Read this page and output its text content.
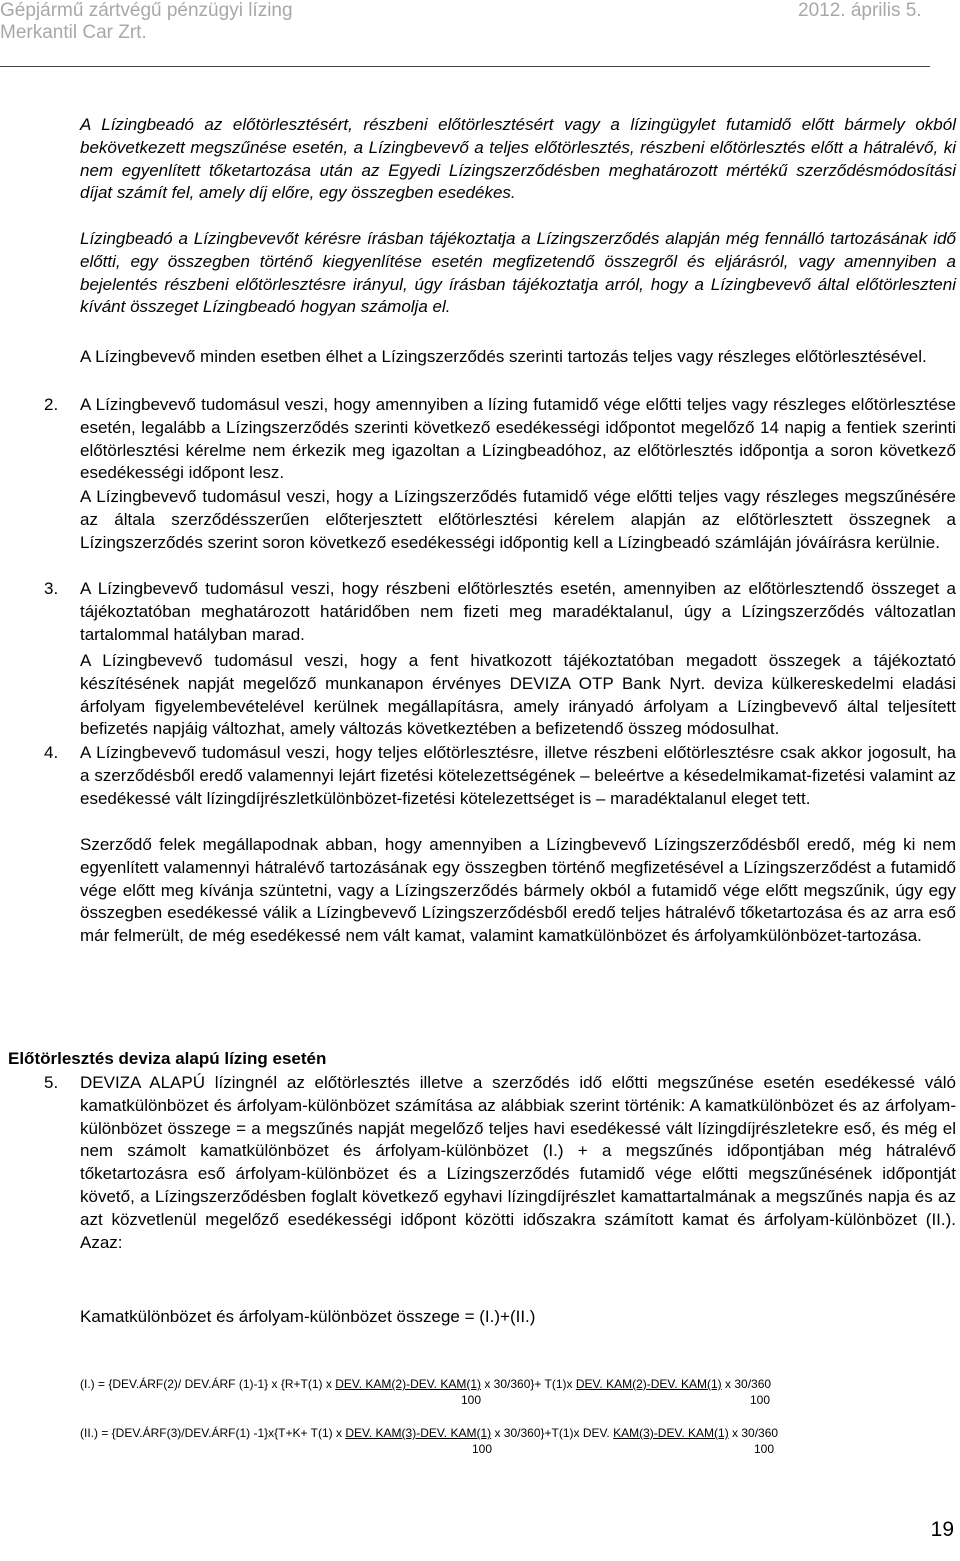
Gépjármű zártvégű pénzügyi lízing	2012. április 5.
Merkantil Car Zrt.
A Lízingbeadó az előtörlesztésért, részbeni előtörlesztésért vagy a lízingügylet futamidő előtt bármely okból bekövetkezett megszűnése esetén, a Lízingbevevő a teljes előtörlesztés, részbeni előtörlesztés előtt a hátralévő, ki nem egyenlített tőketartozása után az Egyedi Lízingszerződésben meghatározott mértékű szerződésmódosítási díjat számít fel, amely díj előre, egy összegben esedékes.
Lízingbeadó a Lízingbevevőt kérésre írásban tájékoztatja a Lízingszerződés alapján még fennálló tartozásának idő előtti, egy összegben történő kiegyenlítése esetén megfizetendő összegről és eljárásról, vagy amennyiben a bejelentés részbeni előtörlesztésre irányul, úgy írásban tájékoztatja arról, hogy a Lízingbevevő által előtörleszteni kívánt összeget Lízingbeadó hogyan számolja el.
A Lízingbevevő minden esetben élhet a Lízingszerződés szerinti tartozás teljes vagy részleges előtörlesztésével.
2. A Lízingbevevő tudomásul veszi, hogy amennyiben a lízing futamidő vége előtti teljes vagy részleges előtörlesztése esetén, legalább a Lízingszerződés szerinti következő esedékességi időpontot megelőző 14 napig a fentiek szerinti előtörlesztési kérelme nem érkezik meg igazoltan a Lízingbeadóhoz, az előtörlesztés időpontja a soron következő esedékességi időpont lesz.
A Lízingbevevő tudomásul veszi, hogy a Lízingszerződés futamidő vége előtti teljes vagy részleges megszűnésére az általa szerződésszerűen előterjesztett előtörlesztési kérelem alapján az előtörlesztett összegnek a Lízingszerződés szerint soron következő esedékességi időpontig kell a Lízingbeadó számláján jóváírásra kerülnie.
3. A Lízingbevevő tudomásul veszi, hogy részbeni előtörlesztés esetén, amennyiben az előtörlesztendő összeget a tájékoztatóban meghatározott határidőben nem fizeti meg maradéktalanul, úgy a Lízingszerződés változatlan tartalommal hatályban marad.
A Lízingbevevő tudomásul veszi, hogy a fent hivatkozott tájékoztatóban megadott összegek a tájékoztató készítésének napját megelőző munkanapon érvényes DEVIZA OTP Bank Nyrt. deviza külkereskedelmi eladási árfolyam figyelembevételével kerülnek megállapításra, amely irányadó árfolyam a Lízingbevevő által teljesített befizetés napjáig változhat, amely változás következtében a befizetendő összeg módosulhat.
4. A Lízingbevevő tudomásul veszi, hogy teljes előtörlesztésre, illetve részbeni előtörlesztésre csak akkor jogosult, ha a szerződésből eredő valamennyi lejárt fizetési kötelezettségének – beleértve a késedelmikamat-fizetési valamint az esedékessé vált lízingdíjrészletkülönbözet-fizetési kötelezettséget is – maradéktalanul eleget tett.
Szerződő felek megállapodnak abban, hogy amennyiben a Lízingbevevő Lízingszerződésből eredő, még ki nem egyenlített valamennyi hátralévő tartozásának egy összegben történő megfizetésével a Lízingszerződést a futamidő vége előtt meg kívánja szüntetni, vagy a Lízingszerződés bármely okból a futamidő vége előtt megszűnik, úgy egy összegben esedékessé válik a Lízingbevevő Lízingszerződésből eredő teljes hátralévő tőketartozása és az arra eső már felmerült, de még esedékessé nem vált kamat, valamint kamatkülönbözet és árfolyamkülönbözet-tartozása.
Előtörlesztés deviza alapú lízing esetén
5. DEVIZA ALAPÚ lízingnél az előtörlesztés illetve a szerződés idő előtti megszűnése esetén esedékessé váló kamatkülönbözet és árfolyam-különbözet számítása az alábbiak szerint történik: A kamatkülönbözet és az árfolyam-különbözet összege = a megszűnés napját megelőző teljes havi esedékessé vált lízingdíjrészletekre eső, és még el nem számolt kamatkülönbözet és árfolyam-különbözet (I.) + a megszűnés időpontjában még hátralévő tőketartozásra eső árfolyam-különbözet és a Lízingszerződés futamidő vége előtti megszűnésének időpontját követő, a Lízingszerződésben foglalt következő egyhavi lízingdíjrészlet kamattartalmának a megszűnés napja és az azt közvetlenül megelőző esedékességi időpont közötti időszakra számított kamat és árfolyam-különbözet (II.). Azaz:
Kamatkülönbözet és árfolyam-különbözet összege = (I.)+(II.)
(I.) = {DEV.ÁRF(2)/ DEV.ÁRF (1)-1} x {R+T(1) x DEV. KAM(2)-DEV. KAM(1) x 30/360}+ T(1)x DEV. KAM(2)-DEV. KAM(1) x 30/360
100	100
(II.) = {DEV.ÁRF(3)/DEV.ÁRF(1) -1}x{T+K+ T(1) x DEV. KAM(3)-DEV. KAM(1) x 30/360}+T(1)x DEV. KAM(3)-DEV. KAM(1) x 30/360
100	100
19
